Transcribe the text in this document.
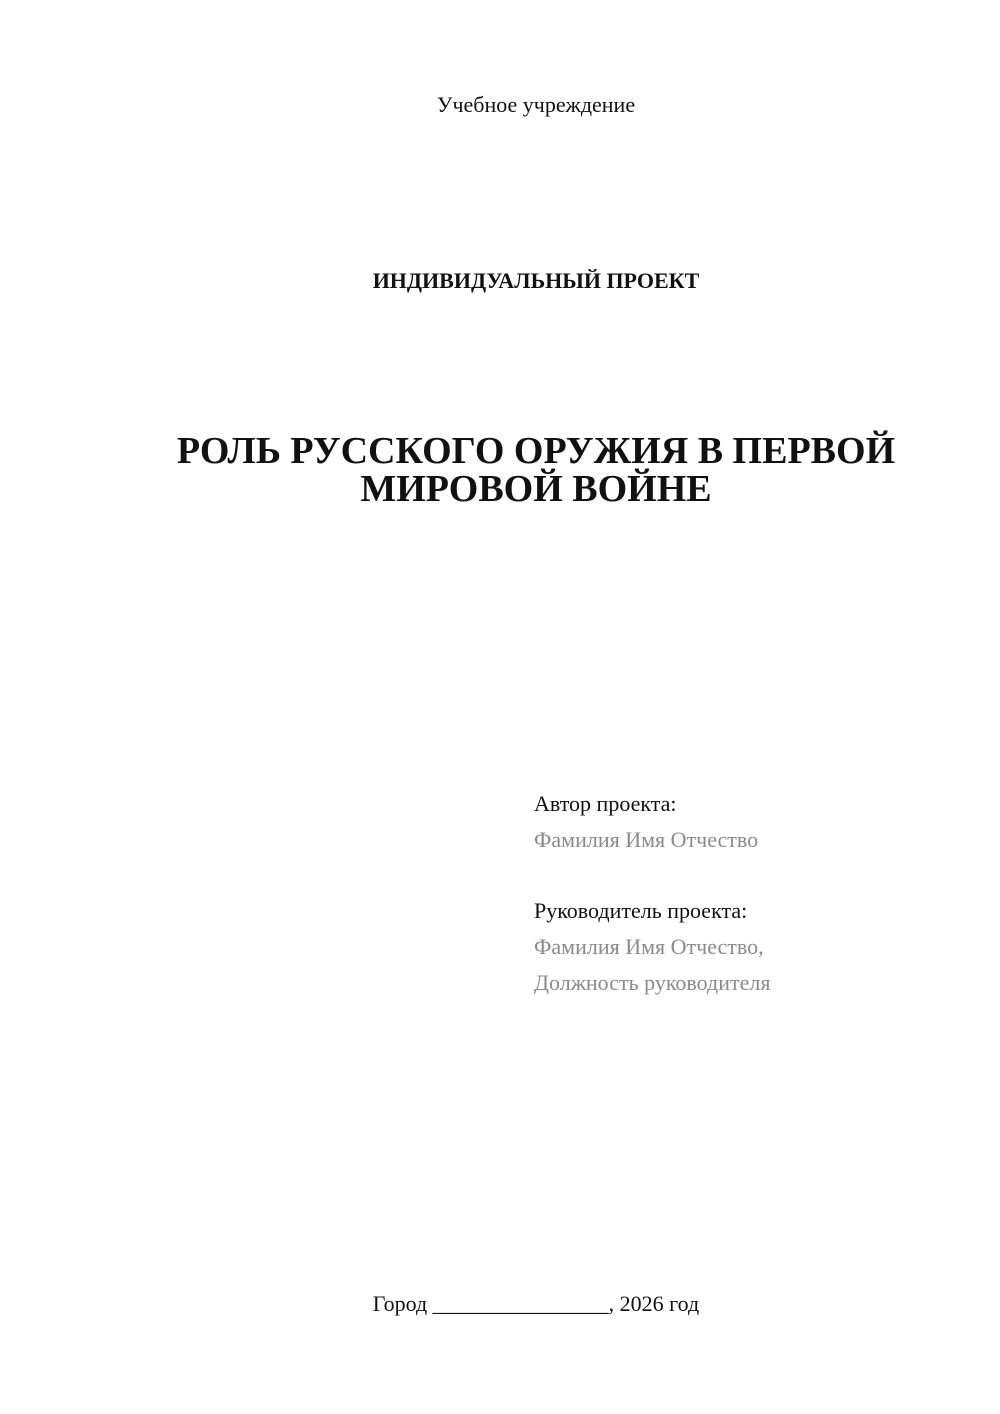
Учебное учреждение
ИНДИВИДУАЛЬНЫЙ ПРОЕКТ
РОЛЬ РУССКОГО ОРУЖИЯ В ПЕРВОЙ
МИРОВОЙ ВОЙНЕ
Автор проекта:
Фамилия Имя Отчество
Руководитель проекта:
Фамилия Имя Отчество,
Должность руководителя
Город ________________, 2026 год
